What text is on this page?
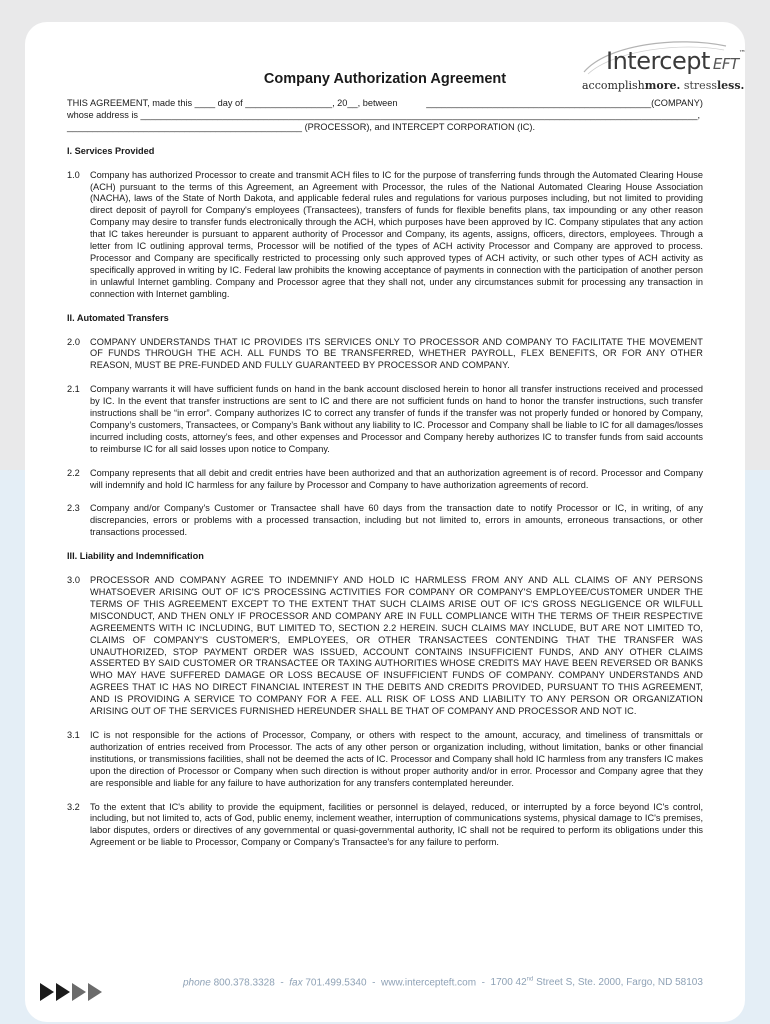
Intercept EFT™
accomplishmore. stressless.
Company Authorization Agreement
THIS AGREEMENT, made this ____ day of _________________, 20__, between	____________________________________________(COMPANY)
whose address is _____________________________________________________________________________________________________________,
______________________________________________ (PROCESSOR), and INTERCEPT CORPORATION (IC).
I. Services Provided
1.0	Company has authorized Processor to create and transmit ACH files to IC for the purpose of transferring funds through the Automated Clearing House (ACH) pursuant to the terms of this Agreement, an Agreement with Processor, the rules of the National Automated Clearing House Association (NACHA), laws of the State of North Dakota, and applicable federal rules and regulations for various purposes including, but not limited to providing direct deposit of payroll for Company's employees (Transactees), transfers of funds for flexible benefits plans, tax impounding or any other reason Company may desire to transfer funds electronically through the ACH, which purposes have been approved by IC. Company stipulates that any action that IC takes hereunder is pursuant to apparent authority of Processor and Company, its agents, assigns, officers, directors, employees. Through a letter from IC outlining approval terms, Processor will be notified of the types of ACH activity Processor and Company are approved to process. Processor and Company are specifically restricted to processing only such approved types of ACH activity, or such other types of ACH activity as specifically approved in writing by IC. Federal law prohibits the knowing acceptance of payments in connection with the participation of another person in unlawful Internet gambling. Company and Processor agree that they shall not, under any circumstances submit for processing any transaction in connection with Internet gambling.
II. Automated Transfers
2.0	COMPANY UNDERSTANDS THAT IC PROVIDES ITS SERVICES ONLY TO PROCESSOR AND COMPANY TO FACILITATE THE MOVEMENT OF FUNDS THROUGH THE ACH. ALL FUNDS TO BE TRANSFERRED, WHETHER PAYROLL, FLEX BENEFITS, OR FOR ANY OTHER REASON, MUST BE PRE-FUNDED AND FULLY GUARANTEED BY PROCESSOR AND COMPANY.
2.1	Company warrants it will have sufficient funds on hand in the bank account disclosed herein to honor all transfer instructions received and processed by IC. In the event that transfer instructions are sent to IC and there are not sufficient funds on hand to honor the transfer instructions, such transfer instructions shall be “in error”. Company authorizes IC to correct any transfer of funds if the transfer was not properly funded or honored by Company, Company’s customers, Transactees, or Company’s Bank without any liability to IC. Processor and Company shall be liable to IC for all damages/losses incurred including costs, attorney’s fees, and other expenses and Processor and Company hereby authorizes IC to transfer funds from said accounts to reimburse IC for all said losses upon notice to Company.
2.2	Company represents that all debit and credit entries have been authorized and that an authorization agreement is of record. Processor and Company will indemnify and hold IC harmless for any failure by Processor and Company to have authorization agreements of record.
2.3	Company and/or Company's Customer or Transactee shall have 60 days from the transaction date to notify Processor or IC, in writing, of any discrepancies, errors or problems with a processed transaction, including but not limited to, errors in amounts, erroneous transactions, or other transactions processed.
III. Liability and Indemnification
3.0	PROCESSOR AND COMPANY AGREE TO INDEMNIFY AND HOLD IC HARMLESS FROM ANY AND ALL CLAIMS OF ANY PERSONS WHATSOEVER ARISING OUT OF IC'S PROCESSING ACTIVITIES FOR COMPANY OR COMPANY'S EMPLOYEE/CUSTOMER UNDER THE TERMS OF THIS AGREEMENT EXCEPT TO THE EXTENT THAT SUCH CLAIMS ARISE OUT OF IC'S GROSS NEGLIGENCE OR WILFULL MISCONDUCT, AND THEN ONLY IF PROCESSOR AND COMPANY ARE IN FULL COMPLIANCE WITH THE TERMS OF THEIR RESPECTIVE AGREEMENTS WITH IC INCLUDING, BUT LIMITED TO, SECTION 2.2 HEREIN. SUCH CLAIMS MAY INCLUDE, BUT ARE NOT LIMITED TO, CLAIMS OF COMPANY'S CUSTOMER'S, EMPLOYEES, OR OTHER TRANSACTEES CONTENDING THAT THE TRANSFER WAS UNAUTHORIZED, STOP PAYMENT ORDER WAS ISSUED, ACCOUNT CONTAINS INSUFFICIENT FUNDS, AND ANY OTHER CLAIMS ASSERTED BY SAID CUSTOMER OR TRANSACTEE OR TAXING AUTHORITIES WHOSE CREDITS MAY HAVE BEEN REVERSED OR BANKS WHO MAY HAVE SUFFERED DAMAGE OR LOSS BECAUSE OF INSUFFICIENT FUNDS OF COMPANY. COMPANY UNDERSTANDS AND AGREES THAT IC HAS NO DIRECT FINANCIAL INTEREST IN THE DEBITS AND CREDITS PROVIDED, PURSUANT TO THIS AGREEMENT, AND IS PROVIDING A SERVICE TO COMPANY FOR A FEE. ALL RISK OF LOSS AND LIABILITY TO ANY PERSON OR ORGANIZATION ARISING OUT OF THE SERVICES FURNISHED HEREUNDER SHALL BE THAT OF COMPANY AND PROCESSOR AND NOT IC.
3.1	IC is not responsible for the actions of Processor, Company, or others with respect to the amount, accuracy, and timeliness of transmittals or authorization of entries received from Processor. The acts of any other person or organization including, without limitation, banks or other financial institutions, or transmissions facilities, shall not be deemed the acts of IC. Processor and Company shall hold IC harmless from any transfers IC makes upon the direction of Processor or Company when such direction is without proper authority and/or in error. Processor and Company agree that they are responsible and liable for any failure to have authorization for any transfers contemplated hereunder.
3.2	To the extent that IC's ability to provide the equipment, facilities or personnel is delayed, reduced, or interrupted by a force beyond IC's control, including, but not limited to, acts of God, public enemy, inclement weather, interruption of communications systems, physical damage to IC's premises, labor disputes, orders or directives of any governmental or quasi-governmental authority, IC shall not be required to perform its obligations under this Agreement or be liable to Processor, Company or Company's Transactee's for any failure to perform.
phone 800.378.3328 - fax 701.499.5340 - www.intercepteft.com - 1700 42nd Street S, Ste. 2000, Fargo, ND 58103
